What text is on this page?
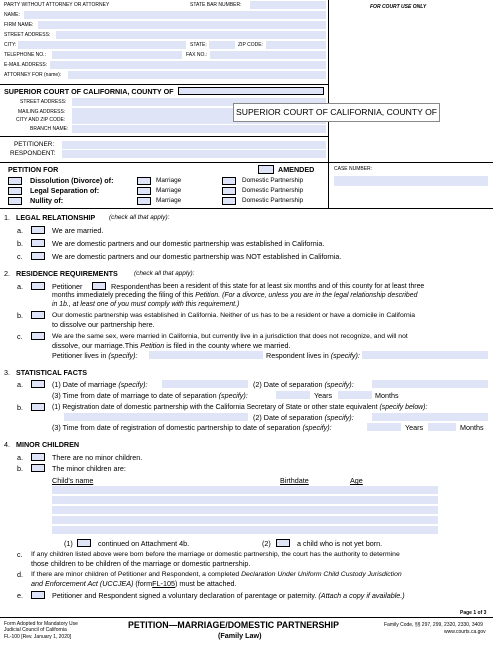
PARTY WITHOUT ATTORNEY OR ATTORNEY	STATE BAR NUMBER:	FOR COURT USE ONLY
NAME:
FIRM NAME:
STREET ADDRESS:
CITY:	STATE:	ZIP CODE:
TELEPHONE NO.:	FAX NO.:
E-MAIL ADDRESS:
ATTORNEY FOR (name):
SUPERIOR COURT OF CALIFORNIA, COUNTY OF
STREET ADDRESS:
MAILING ADDRESS:
CITY AND ZIP CODE:
BRANCH NAME:
SUPERIOR COURT OF CALIFORNIA, COUNTY OF
PETITIONER:
RESPONDENT:
PETITION FOR	AMENDED	CASE NUMBER:
Dissolution (Divorce) of:	Marriage	Domestic Partnership
Legal Separation of:	Marriage	Domestic Partnership
Nullity of:	Marriage	Domestic Partnership
1. LEGAL RELATIONSHIP (check all that apply):
a.	We are married.
b.	We are domestic partners and our domestic partnership was established in California.
c.	We are domestic partners and our domestic partnership was NOT established in California.
2. RESIDENCE REQUIREMENTS	(check all that apply):
a.	Petitioner	Respondent has been a resident of this state for at least six months and of this county for at least three
months immediately preceding the filing of this Petition. (For a divorce, unless you are in the legal relationship described
in 1b., at least one of you must comply with this requirement.)
b.	Our domestic partnership was established in California. Neither of us has to be a resident or have a domicile in California
to dissolve our partnership here.
c.	We are the same sex, were married in California, but currently live in a jurisdiction that does not recognize, and will not
dissolve, our marriage.This Petition is filed in the county where we married.
Petitioner lives in (specify):	Respondent lives in (specify):
3. STATISTICAL FACTS
a.	(1) Date of marriage (specify):	(2) Date of separation (specify):
(3) Time from date of marriage to date of separation (specify):	Years	Months
b.	(1) Registration date of domestic partnership with the California Secretary of State or other state equivalent (specify below):
(2) Date of separation (specify):
(3) Time from date of registration of domestic partnership to date of separation (specify):	Years	Months
4. MINOR CHILDREN
a.	There are no minor children.
b.	The minor children are:
Child's name	Birthdate	Age
(1)	continued on Attachment 4b.	(2)	a child who is not yet born.
c. If any children listed above were born before the marriage or domestic partnership, the court has the authority to determine
those children to be children of the marriage or domestic partnership.
d. If there are minor children of Petitioner and Respondent, a completed Declaration Under Uniform Child Custody Jurisdiction
and Enforcement Act (UCCJEA) (formFL-105) must be attached.
e.	Petitioner and Respondent signed a voluntary declaration of parentage or paternity. (Attach a copy if available.)
Page 1 of 3
Form Adopted for Mandatory Use
Judicial Council of California
FL-100 [Rev. January 1, 2020]
PETITION—MARRIAGE/DOMESTIC PARTNERSHIP
(Family Law)
Family Code, §§ 297, 299, 2320, 2330, 3409
www.courts.ca.gov
